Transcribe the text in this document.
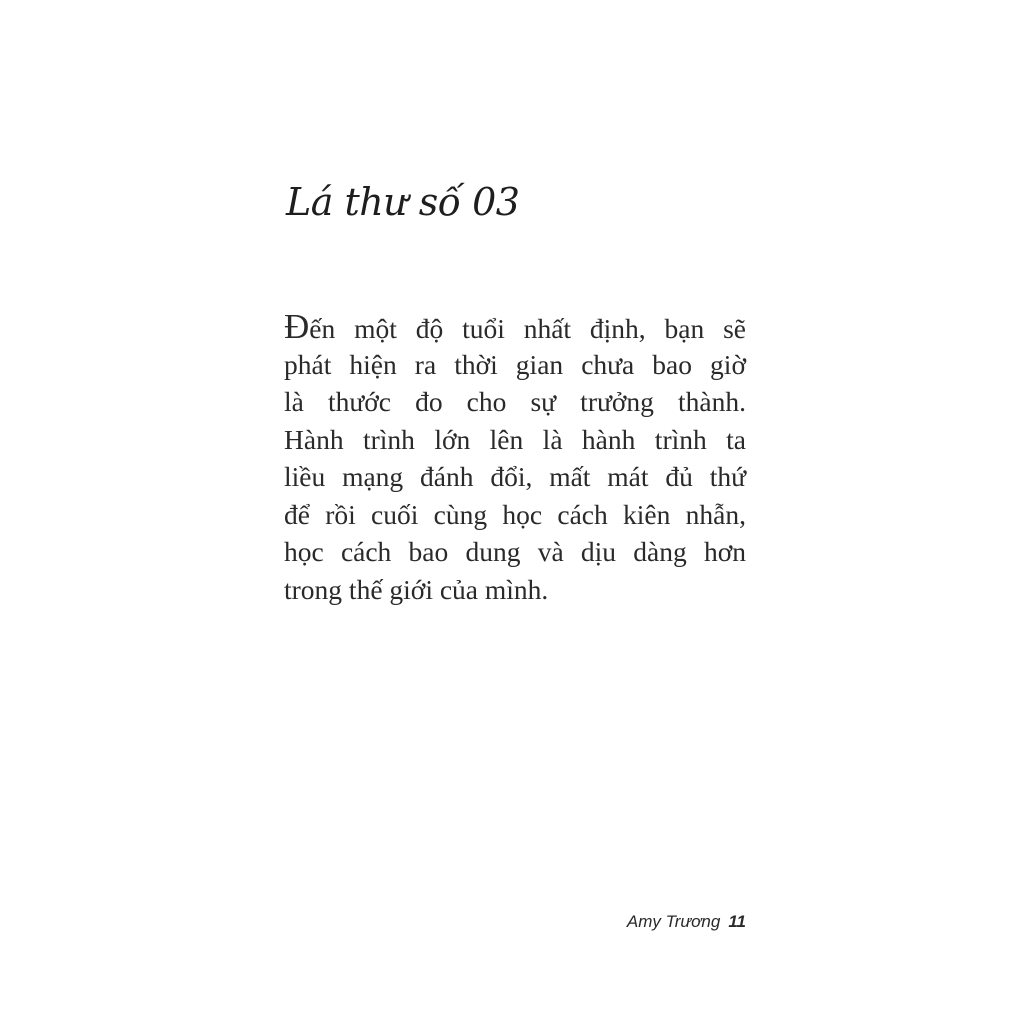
Lá thư số 03
Đến một độ tuổi nhất định, bạn sẽ
phát hiện ra thời gian chưa bao giờ
là thước đo cho sự trưởng thành.
Hành trình lớn lên là hành trình ta
liều mạng đánh đổi, mất mát đủ thứ
để rồi cuối cùng học cách kiên nhẫn,
học cách bao dung và dịu dàng hơn
trong thế giới của mình.
Amy Trương 11
